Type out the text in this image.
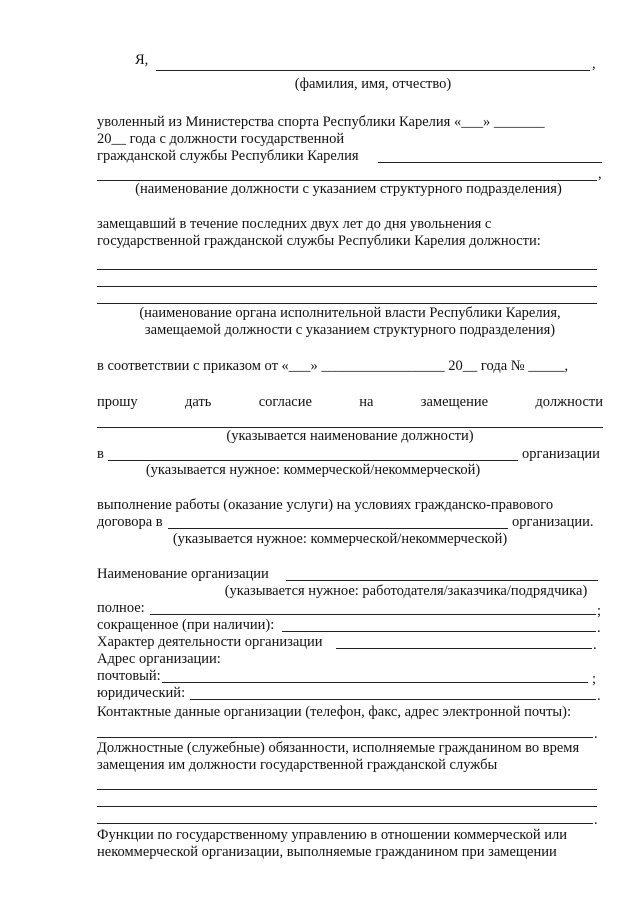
Я,	,
(фамилия, имя, отчество)
уволенный из Министерства спорта Республики Карелия «___» _______
20__ года с должности государственной
гражданской службы Республики Карелия
,
(наименование должности с указанием структурного подразделения)
замещавший в течение последних двух лет до дня увольнения с
государственной гражданской службы Республики Карелия должности:
(наименование органа исполнительной власти Республики Карелия,
замещаемой должности с указанием структурного подразделения)
в соответствии с приказом от «___» _________________ 20__ года № _____,
прошу	дать	согласие	на	замещение	должности
(указывается наименование должности)
в	организации
(указывается нужное: коммерческой/некоммерческой)
выполнение работы (оказание услуги) на условиях гражданско-правового
договора в	организации.
(указывается нужное: коммерческой/некоммерческой)
Наименование организации
(указывается нужное: работодателя/заказчика/подрядчика)
полное:	;
сокращенное (при наличии):	.
Характер деятельности организации	.
Адрес организации:
почтовый:	;
юридический:	.
Контактные данные организации (телефон, факс, адрес электронной почты):
.
Должностные (служебные) обязанности, исполняемые гражданином во время
замещения им должности государственной гражданской службы
.
Функции по государственному управлению в отношении коммерческой или
некоммерческой организации, выполняемые гражданином при замещении
